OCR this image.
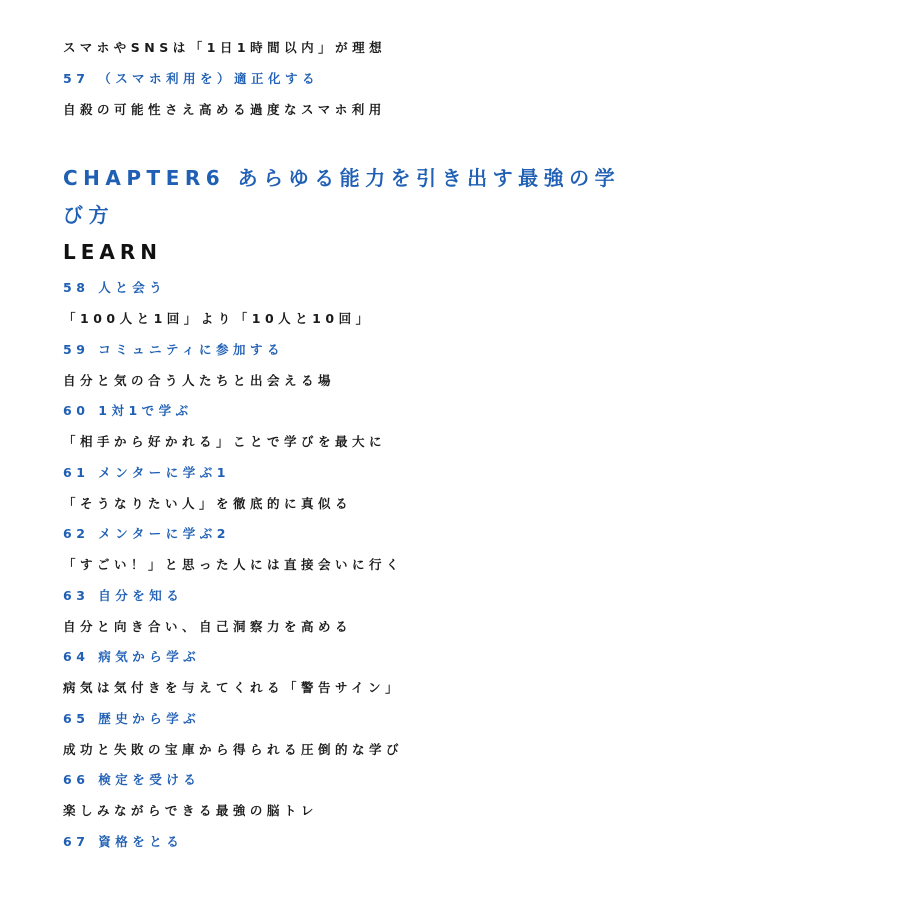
スマホやSNSは「1日1時間以内」が理想
57 （スマホ利用を）適正化する
自殺の可能性さえ高める過度なスマホ利用
CHAPTER6 あらゆる能力を引き出す最強の学
び方
LEARN
58 人と会う
「100人と1回」より「10人と10回」
59 コミュニティに参加する
自分と気の合う人たちと出会える場
60 1対1で学ぶ
「相手から好かれる」ことで学びを最大に
61 メンターに学ぶ1
「そうなりたい人」を徹底的に真似る
62 メンターに学ぶ2
「すごい！」と思った人には直接会いに行く
63 自分を知る
自分と向き合い、自己洞察力を高める
64 病気から学ぶ
病気は気付きを与えてくれる「警告サイン」
65 歴史から学ぶ
成功と失敗の宝庫から得られる圧倒的な学び
66 検定を受ける
楽しみながらできる最強の脳トレ
67 資格をとる
